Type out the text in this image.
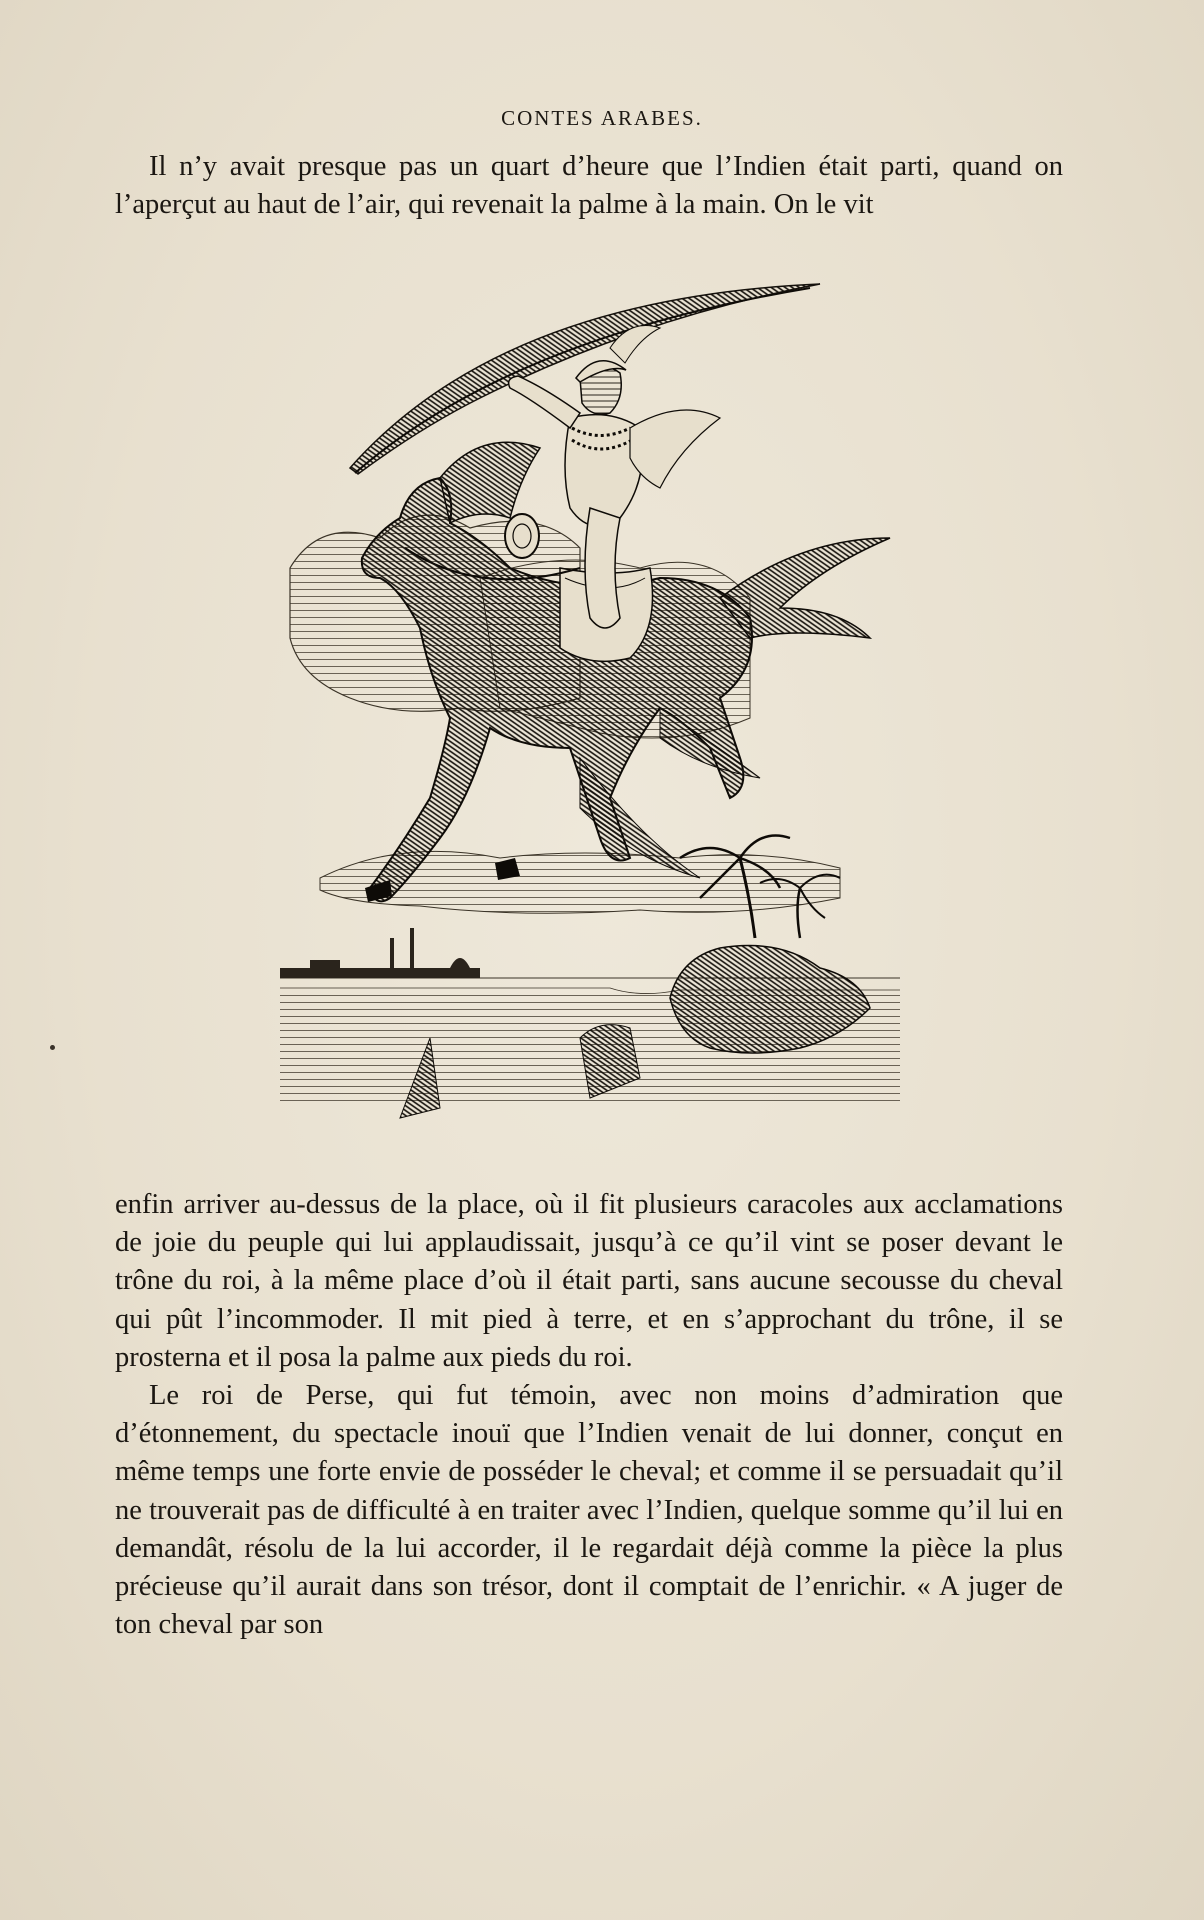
CONTES ARABES.

Il n’y avait presque pas un quart d’heure que l’Indien était parti, quand on l’aperçut au haut de l’air, qui revenait la palme à la main. On le vit

enfin arriver au-dessus de la place, où il fit plusieurs caracoles aux acclamations de joie du peuple qui lui applaudissait, jusqu’à ce qu’il vint se poser devant le trône du roi, à la même place d’où il était parti, sans aucune secousse du cheval qui pût l’incommoder. Il mit pied à terre, et en s’approchant du trône, il se prosterna et il posa la palme aux pieds du roi.

Le roi de Perse, qui fut témoin, avec non moins d’admiration que d’étonnement, du spectacle inouï que l’Indien venait de lui donner, conçut en même temps une forte envie de posséder le cheval; et comme il se persuadait qu’il ne trouverait pas de difficulté à en traiter avec l’Indien, quelque somme qu’il lui en demandât, résolu de la lui accorder, il le regardait déjà comme la pièce la plus précieuse qu’il aurait dans son trésor, dont il comptait de l’enrichir. « A juger de ton cheval par son
